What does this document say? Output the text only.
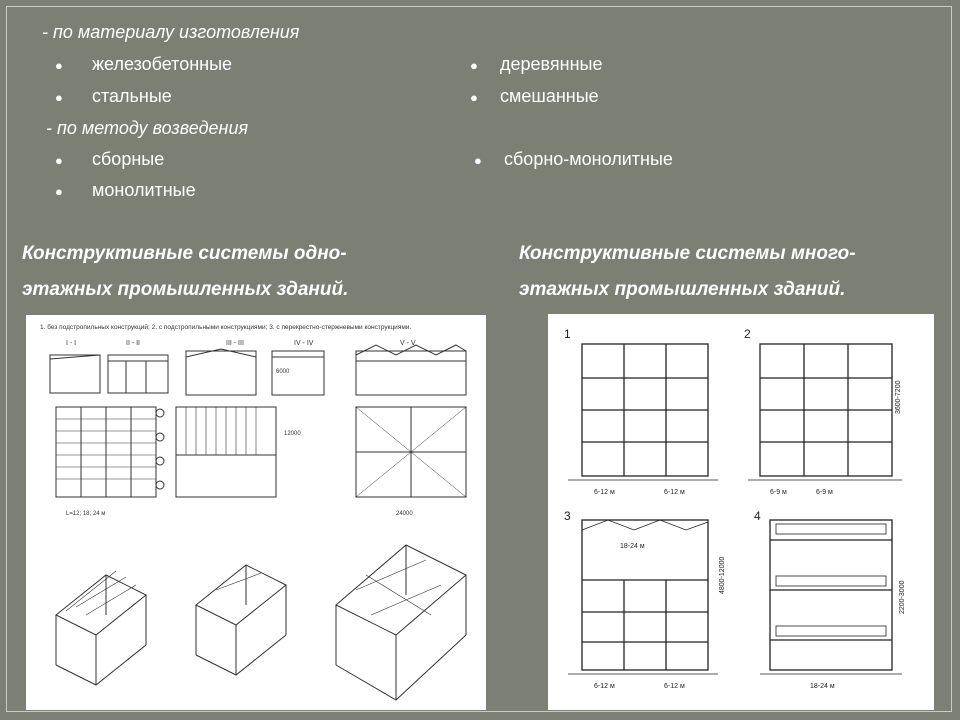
- по материалу изготовления
● железобетонные	● деревянные
● стальные	● смешанные
- по методу возведения
● сборные	● сборно-монолитные
● монолитные
Конструктивные системы одно-
этажных промышленных зданий.
Конструктивные системы много-
этажных промышленных зданий.
1. без подстропильных конструкций; 2. с подстропильными конструкциями; 3. с перекрестно-стержневыми конструкциями.
I - I	II - II	III - III	IV - IV	V - V
6000
L=12; 18; 24 м
12000
24000
1	2
3	4
6-12 м	6-12 м	6-9 м	6-9 м
3600-7200
18-24 м
6-12 м	6-12 м
4800-12000
18-24 м
2200-3000
